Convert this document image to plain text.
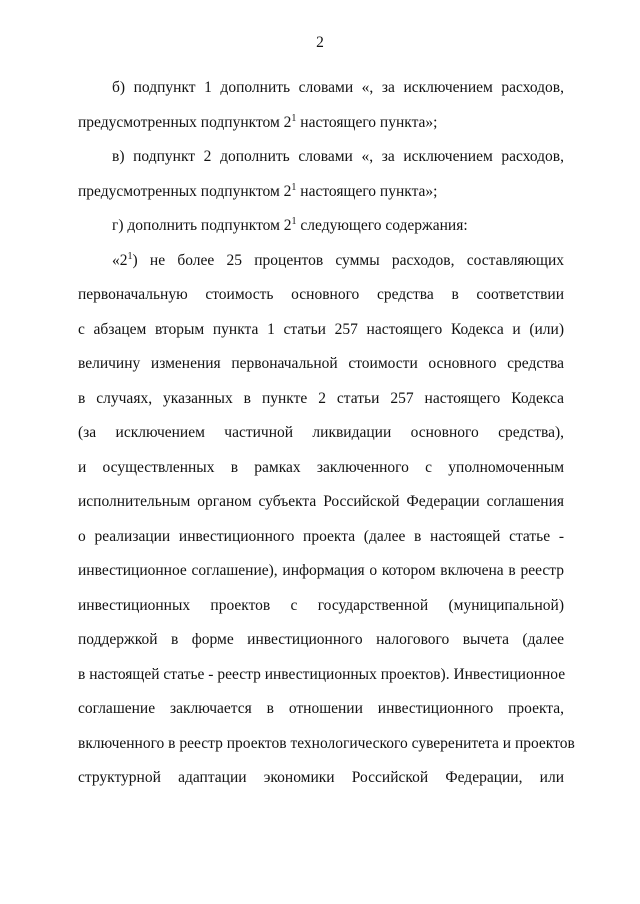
2
б) подпункт 1 дополнить словами «, за исключением расходов,
предусмотренных подпунктом $2^1$ настоящего пункта»;
в) подпункт 2 дополнить словами «, за исключением расходов,
предусмотренных подпунктом $2^1$ настоящего пункта»;
г) дополнить подпунктом $2^1$ следующего содержания:
«$2^1$) не более 25 процентов суммы расходов, составляющих
первоначальную стоимость основного средства в соответствии
с абзацем вторым пункта 1 статьи 257 настоящего Кодекса и (или)
величину изменения первоначальной стоимости основного средства
в случаях, указанных в пункте 2 статьи 257 настоящего Кодекса
(за исключением частичной ликвидации основного средства),
и осуществленных в рамках заключенного с уполномоченным
исполнительным органом субъекта Российской Федерации соглашения
о реализации инвестиционного проекта (далее в настоящей статье -
инвестиционное соглашение), информация о котором включена в реестр
инвестиционных проектов с государственной (муниципальной)
поддержкой в форме инвестиционного налогового вычета (далее
в настоящей статье - реестр инвестиционных проектов). Инвестиционное
соглашение заключается в отношении инвестиционного проекта,
включенного в реестр проектов технологического суверенитета и проектов
структурной адаптации экономики Российской Федерации, или
